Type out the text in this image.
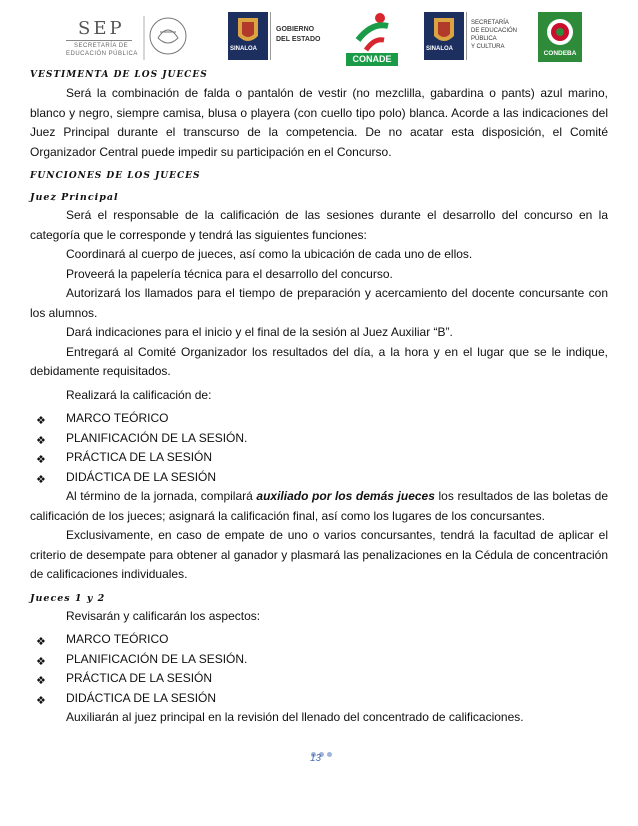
SEP
SECRETARÍA DE
EDUCACIÓN PÚBLICA
SINALOA
GOBIERNO
DEL ESTADO
CONADE
SINALOA
SECRETARÍA
DE EDUCACIÓN
PÚBLICA
Y CULTURA
CONDEBA

VESTIMENTA DE LOS JUECES

Será la combinación de falda o pantalón de vestir (no mezclilla, gabardina o pants) azul marino, blanco y negro, siempre camisa, blusa o playera (con cuello tipo polo) blanca. Acorde a las indicaciones del Juez Principal durante el transcurso de la competencia. De no acatar esta disposición, el Comité Organizador Central puede impedir su participación en el Concurso.

FUNCIONES DE LOS JUECES

Juez Principal

Será el responsable de la calificación de las sesiones durante el desarrollo del concurso en la categoría que le corresponde y tendrá las siguientes funciones:

Coordinará al cuerpo de jueces, así como la ubicación de cada uno de ellos.

Proveerá la papelería técnica para el desarrollo del concurso.

Autorizará los llamados para el tiempo de preparación y acercamiento del docente concursante con los alumnos.

Dará indicaciones para el inicio y el final de la sesión al Juez Auxiliar “B”.

Entregará al Comité Organizador los resultados del día, a la hora y en el lugar que se le indique, debidamente requisitados.

Realizará la calificación de:

❖ MARCO TEÓRICO
❖ PLANIFICACIÓN DE LA SESIÓN.
❖ PRÁCTICA DE LA SESIÓN
❖ DIDÁCTICA DE LA SESIÓN

Al término de la jornada, compilará auxiliado por los demás jueces los resultados de las boletas de calificación de los jueces; asignará la calificación final, así como los lugares de los concursantes.

Exclusivamente, en caso de empate de uno o varios concursantes, tendrá la facultad de aplicar el criterio de desempate para obtener al ganador y plasmará las penalizaciones en la Cédula de concentración de calificaciones individuales.

Jueces 1 y 2

Revisarán y calificarán los aspectos:

❖ MARCO TEÓRICO
❖ PLANIFICACIÓN DE LA SESIÓN.
❖ PRÁCTICA DE LA SESIÓN
❖ DIDÁCTICA DE LA SESIÓN

Auxiliarán al juez principal en la revisión del llenado del concentrado de calificaciones.

13
